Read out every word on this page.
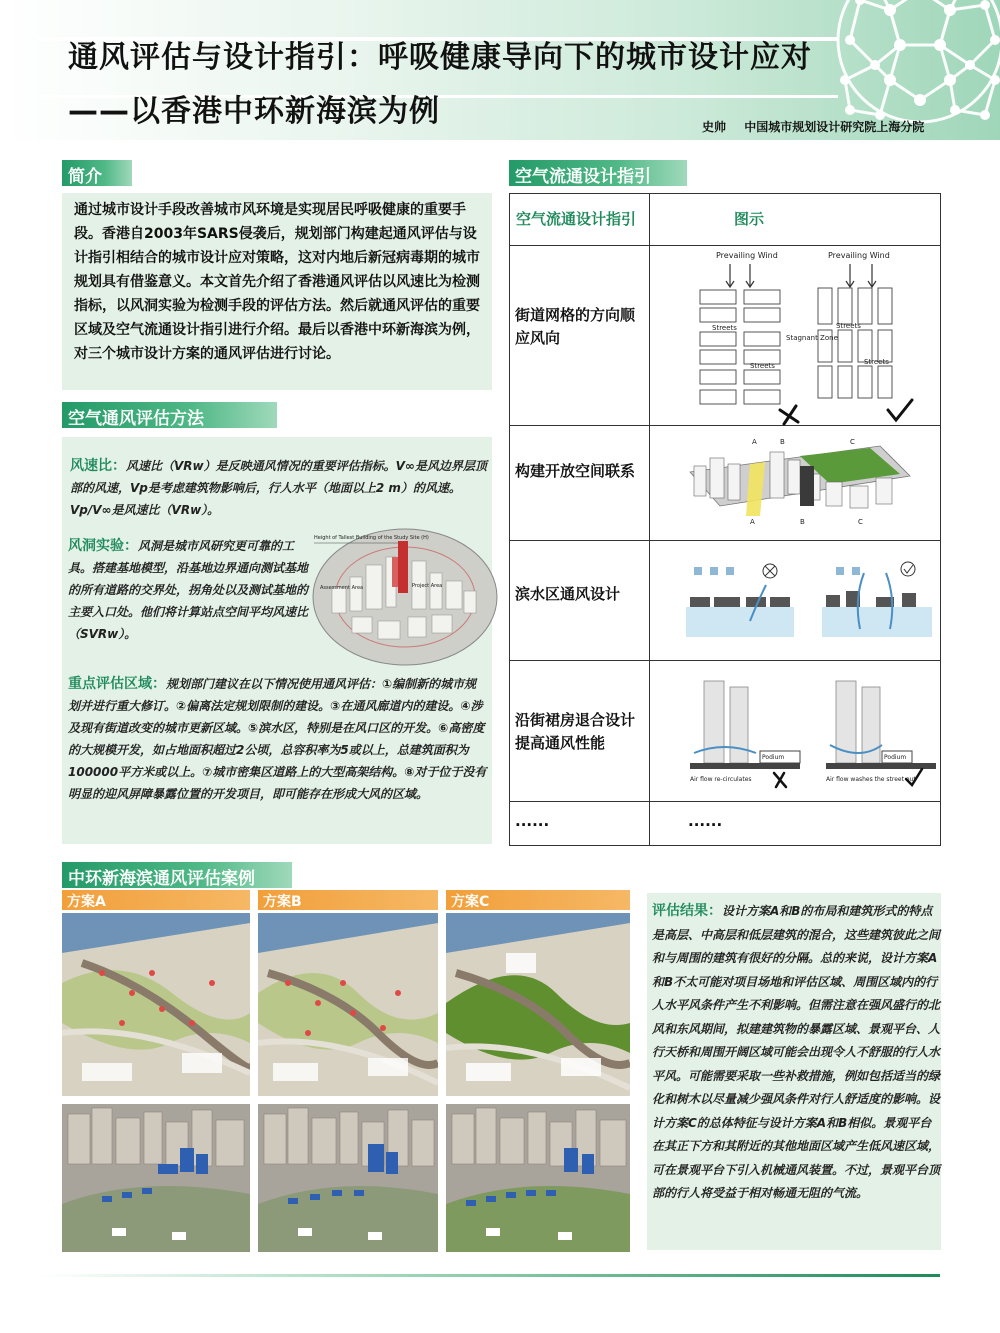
通风评估与设计指引：呼吸健康导向下的城市设计应对
——以香港中环新海滨为例	史帅 中国城市规划设计研究院上海分院
简介
通过城市设计手段改善城市风环境是实现居民呼吸健康的重要手段。香港自2003年SARS侵袭后，规划部门构建起通风评估与设计指引相结合的城市设计应对策略，这对内地后新冠病毒期的城市规划具有借鉴意义。本文首先介绍了香港通风评估以风速比为检测指标，以风洞实验为检测手段的评估方法。然后就通风评估的重要区域及空气流通设计指引进行介绍。最后以香港中环新海滨为例，对三个城市设计方案的通风评估进行讨论。
空气通风评估方法
风速比：风速比（VRw）是反映通风情况的重要评估指标。V∞是风边界层顶部的风速，Vp是考虑建筑物影响后，行人水平（地面以上2 m）的风速。Vp/V∞是风速比（VRw）。
风洞实验：风洞是城市风研究更可靠的工具。搭建基地模型，沿基地边界通向测试基地的所有道路的交界处，拐角处以及测试基地的主要入口处。他们将计算站点空间平均风速比（SVRw）。
Height of Tallest Building of the Study Site (H)
Assessment Area	Project Area
重点评估区域：规划部门建议在以下情况使用通风评估：①编制新的城市规划并进行重大修订。②偏离法定规划限制的建设。③在通风廊道内的建设。④涉及现有街道改变的城市更新区域。⑤滨水区，特别是在风口区的开发。⑥高密度的大规模开发，如占地面积超过2公顷，总容积率为5或以上，总建筑面积为100000平方米或以上。⑦城市密集区道路上的大型高架结构。⑧对于位于没有明显的迎风屏障暴露位置的开发项目，即可能存在形成大风的区域。
空气流通设计指引
空气流通设计指引	图示
街道网格的方向顺应风向
Prevailing Wind	Prevailing Wind
Streets
Streets
Stagnant Zone
Streets
Streets
构建开放空间联系
A	B	C
A	B	C
滨水区通风设计
沿街裙房退合设计提高通风性能
Podium	Podium
Air flow re-circulates	Air flow washes the street out
......	......
中环新海滨通风评估案例
方案A	方案B	方案C
评估结果：设计方案A和B的布局和建筑形式的特点是高层、中高层和低层建筑的混合，这些建筑彼此之间和与周围的建筑有很好的分隔。总的来说，设计方案A和B不太可能对项目场地和评估区域、周围区域内的行人水平风条件产生不利影响。但需注意在强风盛行的北风和东风期间，拟建建筑物的暴露区域、景观平台、人行天桥和周围开阔区域可能会出现令人不舒服的行人水平风。可能需要采取一些补救措施，例如包括适当的绿化和树木以尽量减少强风条件对行人舒适度的影响。设计方案C的总体特征与设计方案A和B相似。景观平台在其正下方和其附近的其他地面区域产生低风速区域，可在景观平台下引入机械通风装置。不过，景观平台顶部的行人将受益于相对畅通无阻的气流。
